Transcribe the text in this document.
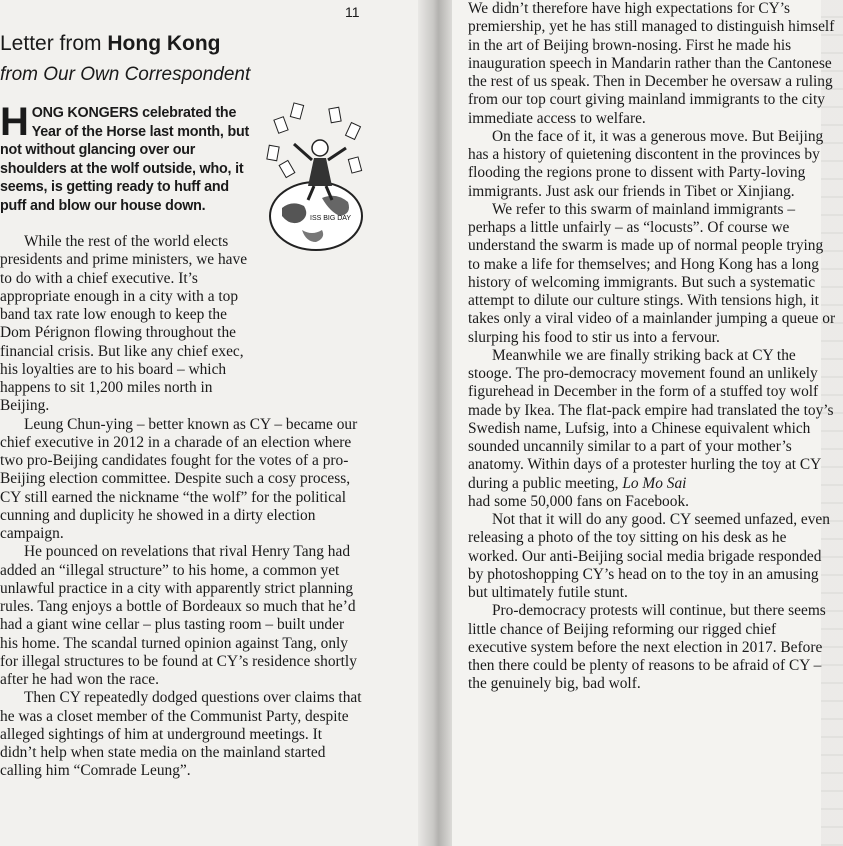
11
Letter from Hong Kong
from Our Own Correspondent
HONG KONGERS celebrated the Year of the Horse last month, but not without glancing over our shoulders at the wolf outside, who, it seems, is getting ready to huff and puff and blow our house down.
ISS BIG DAY

While the rest of the world elects presidents and prime ministers, we have to do with a chief executive. It’s appropriate enough in a city with a top band tax rate low enough to keep the Dom Pérignon flowing throughout the financial crisis. But like any chief exec, his loyalties are to his board – which happens to sit 1,200 miles north in Beijing.

Leung Chun-ying – better known as CY – became our chief executive in 2012 in a charade of an election where two pro-Beijing candidates fought for the votes of a pro-Beijing election committee. Despite such a cosy process, CY still earned the nickname “the wolf” for the political cunning and duplicity he showed in a dirty election campaign.

He pounced on revelations that rival Henry Tang had added an “illegal structure” to his home, a common yet unlawful practice in a city with apparently strict planning rules. Tang enjoys a bottle of Bordeaux so much that he’d had a giant wine cellar – plus tasting room – built under his home. The scandal turned opinion against Tang, only for illegal structures to be found at CY’s residence shortly after he had won the race.

Then CY repeatedly dodged questions over claims that he was a closet member of the Communist Party, despite alleged sightings of him at underground meetings. It didn’t help when state media on the mainland started calling him “Comrade Leung”.

We didn’t therefore have high expectations for CY’s premiership, yet he has still managed to distinguish himself in the art of Beijing brown-nosing. First he made his inauguration speech in Mandarin rather than the Cantonese the rest of us speak. Then in December he oversaw a ruling from our top court giving mainland immigrants to the city immediate access to welfare.

On the face of it, it was a generous move. But Beijing has a history of quietening discontent in the provinces by flooding the regions prone to dissent with Party-loving immigrants. Just ask our friends in Tibet or Xinjiang.

We refer to this swarm of mainland immigrants – perhaps a little unfairly – as “locusts”. Of course we understand the swarm is made up of normal people trying to make a life for themselves; and Hong Kong has a long history of welcoming immigrants. But such a systematic attempt to dilute our culture stings. With tensions high, it takes only a viral video of a mainlander jumping a queue or slurping his food to stir us into a fervour.

Meanwhile we are finally striking back at CY the stooge. The pro-democracy movement found an unlikely figurehead in December in the form of a stuffed toy wolf made by Ikea. The flat-pack empire had translated the toy’s Swedish name, Lufsig, into a Chinese equivalent which sounded uncannily similar to a part of your mother’s anatomy. Within days of a protester hurling the toy at CY during a public meeting, Lo Mo Sai
had some 50,000 fans on Facebook.

Not that it will do any good. CY seemed unfazed, even releasing a photo of the toy sitting on his desk as he worked. Our anti-Beijing social media brigade responded by photoshopping CY’s head on to the toy in an amusing but ultimately futile stunt.

Pro-democracy protests will continue, but there seems little chance of Beijing reforming our rigged chief executive system before the next election in 2017. Before then there could be plenty of reasons to be afraid of CY – the genuinely big, bad wolf.
